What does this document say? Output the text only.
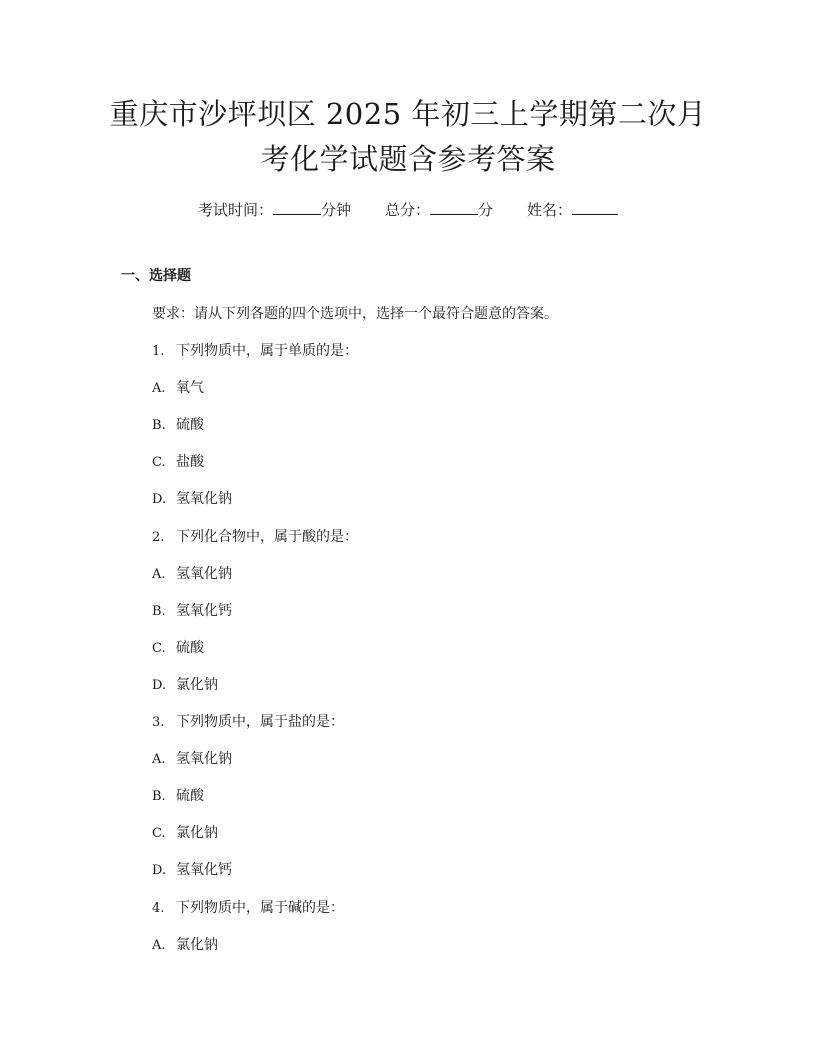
重庆市沙坪坝区 2025 年初三上学期第二次月
考化学试题含参考答案
考试时间：	分钟 总分：	分 姓名：
一、选择题
要求：请从下列各题的四个选项中，选择一个最符合题意的答案。
1. 下列物质中，属于单质的是：
A. 氧气
B. 硫酸
C. 盐酸
D. 氢氧化钠
2. 下列化合物中，属于酸的是：
A. 氢氧化钠
B. 氢氧化钙
C. 硫酸
D. 氯化钠
3. 下列物质中，属于盐的是：
A. 氢氧化钠
B. 硫酸
C. 氯化钠
D. 氢氧化钙
4. 下列物质中，属于碱的是：
A. 氯化钠
